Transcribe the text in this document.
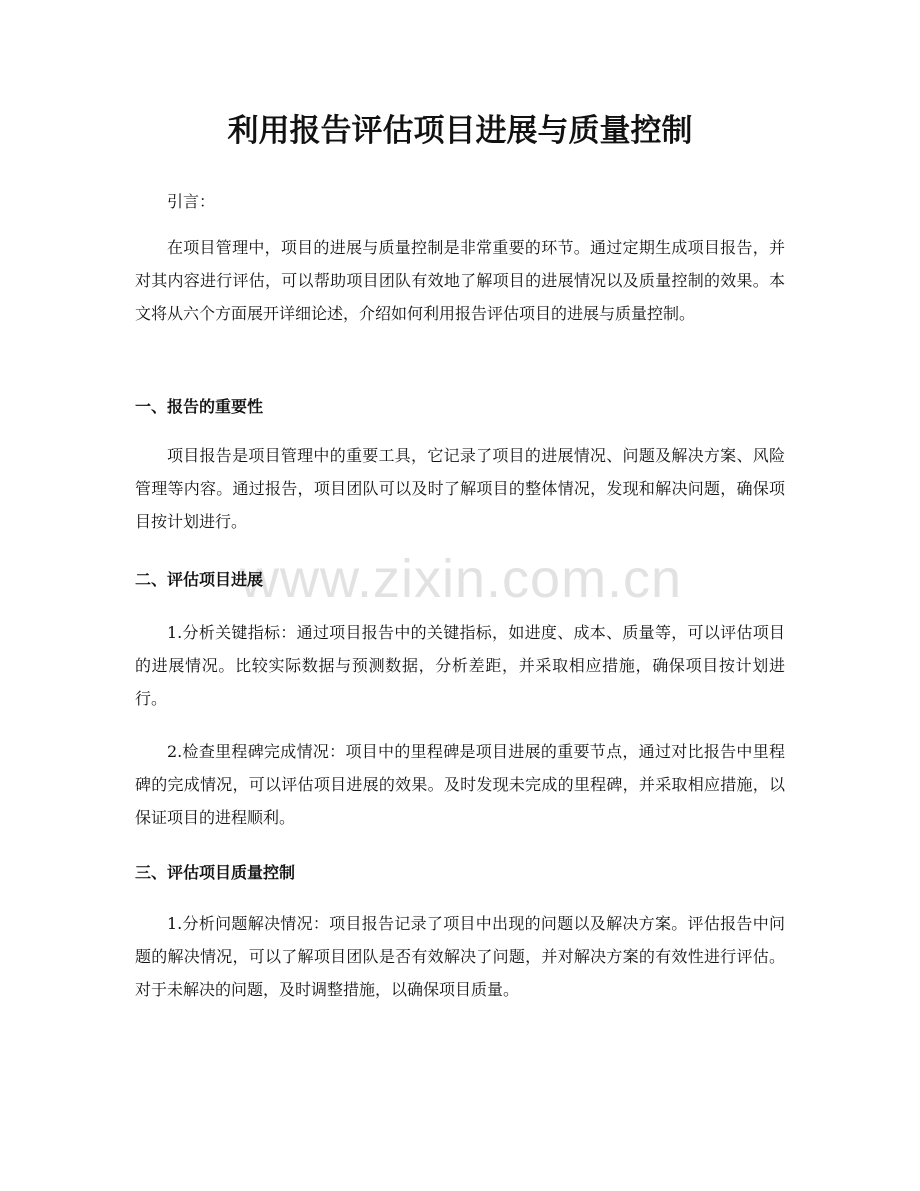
www.zixin.com.cn
利用报告评估项目进展与质量控制

引言：

在项目管理中，项目的进展与质量控制是非常重要的环节。通过定期生成项目报告，并对其内容进行评估，可以帮助项目团队有效地了解项目的进展情况以及质量控制的效果。本文将从六个方面展开详细论述，介绍如何利用报告评估项目的进展与质量控制。

一、报告的重要性

项目报告是项目管理中的重要工具，它记录了项目的进展情况、问题及解决方案、风险管理等内容。通过报告，项目团队可以及时了解项目的整体情况，发现和解决问题，确保项目按计划进行。

二、评估项目进展

1.分析关键指标：通过项目报告中的关键指标，如进度、成本、质量等，可以评估项目的进展情况。比较实际数据与预测数据，分析差距，并采取相应措施，确保项目按计划进行。

2.检查里程碑完成情况：项目中的里程碑是项目进展的重要节点，通过对比报告中里程碑的完成情况，可以评估项目进展的效果。及时发现未完成的里程碑，并采取相应措施，以保证项目的进程顺利。

三、评估项目质量控制

1.分析问题解决情况：项目报告记录了项目中出现的问题以及解决方案。评估报告中问题的解决情况，可以了解项目团队是否有效解决了问题，并对解决方案的有效性进行评估。对于未解决的问题，及时调整措施，以确保项目质量。
